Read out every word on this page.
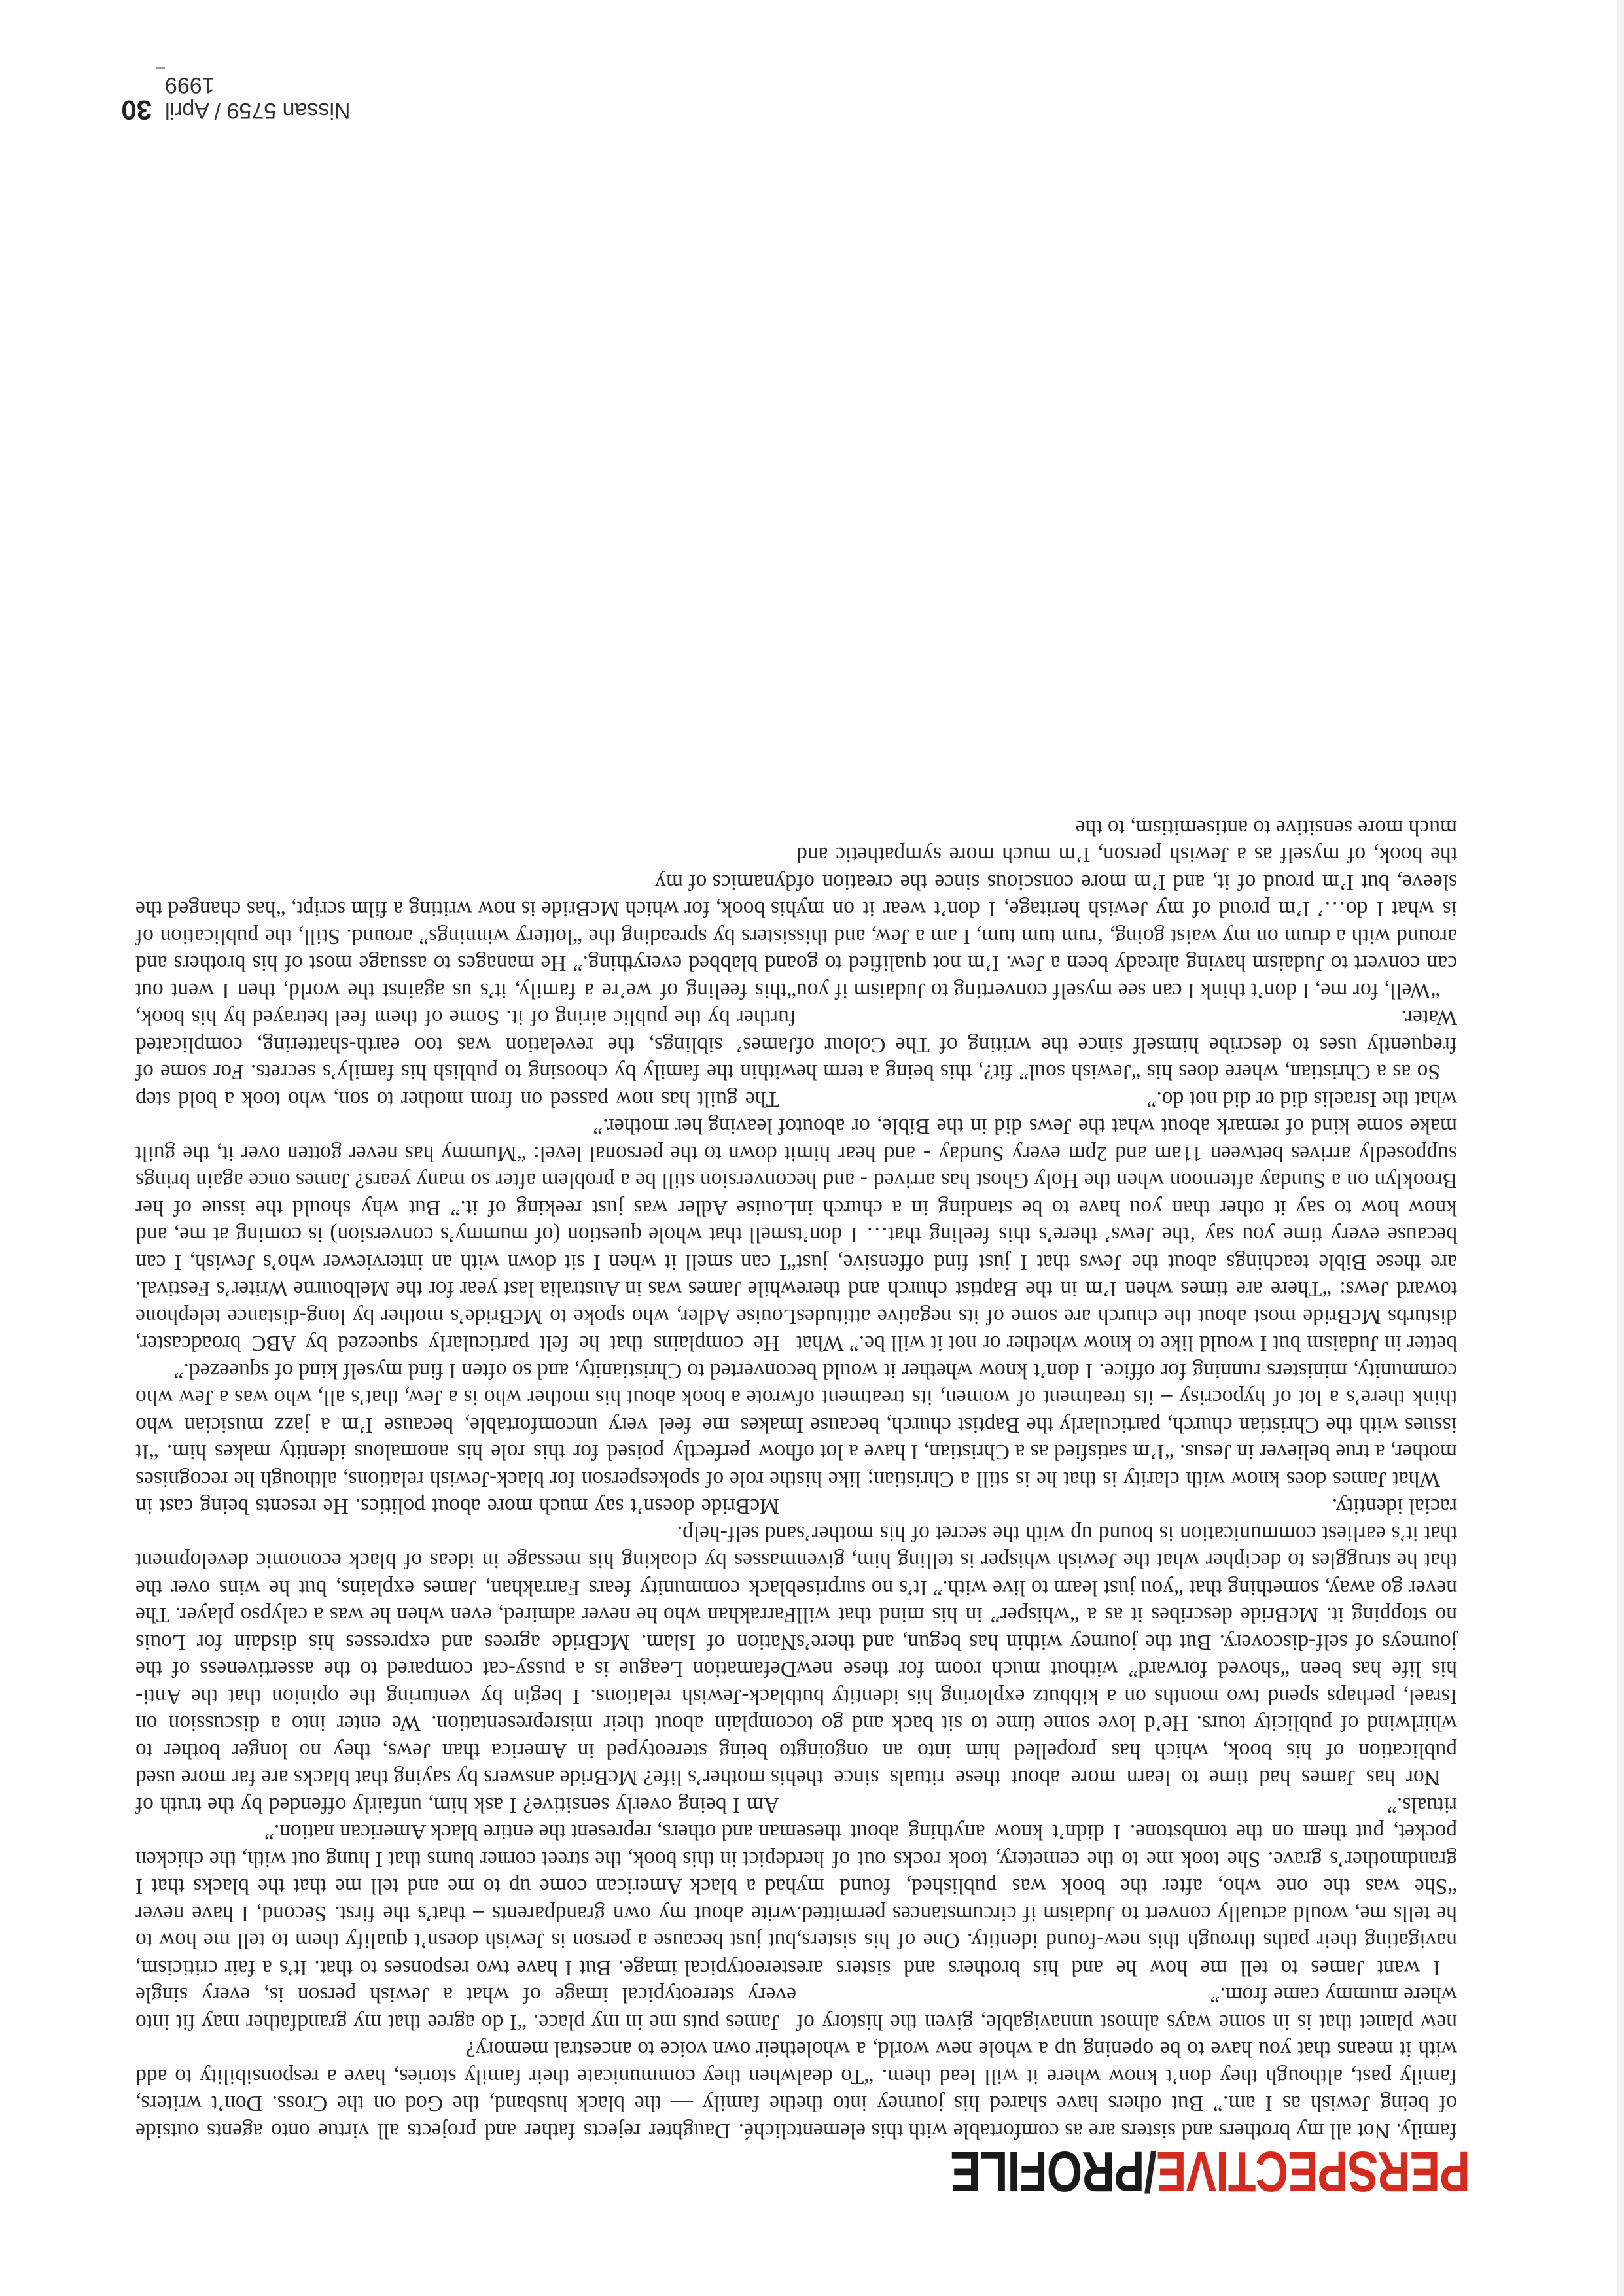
30 Nissan 5759 / April 1999
PERSPECTIVE/PROFILE

cliché. Daughter rejects father and projects all virtue onto agents outside the family — the black husband, the God on the Cross. Don’t writers, when they communicate their family stories, have a responsibility to add their own voice to ancestral memory?

James puts me in my place. “I do agree that my grandfather may fit into every stereotypical image of what a Jewish person is, every single stereotypical image. But I have two responses to that. It’s a fair criticism, but just because a person is Jewish doesn’t qualify them to tell me how to write about my own grandparents – that’s the first. Second, I have never had a black American come up to me and tell me that the blacks that I depict in this book, the street corner bums that I hung out with, the chicken man and others, represent the entire black American nation.”

Am I being overly sensitive? I ask him, unfairly offended by the truth of his mother’s life? McBride answers by saying that blacks are far more used to being stereotyped in America than Jews, they no longer bother to complain about their misrepresentation. We enter into a discussion on black-Jewish relations. I begin by venturing the opinion that the Anti-Defamation League is a pussy-cat compared to the assertiveness of the Nation of Islam. McBride agrees and expresses his disdain for Louis Farrakhan who he never admired, even when he was a calypso player. The black community fears Farrakhan, James explains, but he wins over the masses by cloaking his message in ideas of black economic development and self-help.

McBride doesn’t say much more about politics. He resents being cast in the role of spokesperson for black-Jewish relations, although he recognises how perfectly poised for this role his anomalous identity makes him. “It makes me feel very uncomfortable, because I’m a jazz musician who wrote a book about his mother who is a Jew, that’s all, who was a Jew who converted to Christianity, and so often I find myself kind of squeezed.”

He complains that he felt particularly squeezed by ABC broadcaster, Louise Adler, who spoke to McBride’s mother by long-distance telephone while James was in Australia last year for the Melbourne Writer’s Festival. “I can smell it when I sit down with an interviewer who’s Jewish, I can smell that whole question (of mummy’s conversion) is coming at me, and Louise Adler was just reeking of it.” But why should the issue of her conversion still be a problem after so many years? James once again brings it down to the personal level: “Mummy has never gotten over it, the guilt of leaving her mother.”

The guilt has now passed on from mother to son, who took a bold step within the family by choosing to publish his family’s secrets. For some of James’ siblings, the revelation was too earth-shattering, complicated further by the public airing of it. Some of them feel betrayed by his book, “this feeling of we’re a family, it’s us against the world, then I went out and blabbed everything.” He manages to assuage most of his brothers and sisters by spreading the “lottery winnings” around. Still, the publication of his book, for which McBride is now writing a film script, “has changed the dynamics of my

family. Not all my brothers and sisters are as comfortable with this element of being Jewish as I am.” But others have shared his journey into the family past, although they don’t know where it will lead them. “To deal with it means that you have to be opening up a whole new world, a whole new planet that is in some ways almost unnavigable, given the history of where mummy came from.”

I want James to tell me how he and his brothers and sisters are navigating their paths through this new-found identity. One of his sisters, he tells me, would actually convert to Judaism if circumstances permitted. “She was the one who, after the book was published, found my grandmother’s grave. She took me to the cemetery, took rocks out of her pocket, put them on the tombstone. I didn’t know anything about these rituals.”

Nor has James had time to learn more about these rituals since the publication of his book, which has propelled him into an ongoing whirlwind of publicity tours. He’d love some time to sit back and go to Israel, perhaps spend two months on a kibbutz exploring his identity but his life has been “shoved forward” without much room for these new journeys of self-discovery. But the journey within has begun, and there’s no stopping it. McBride describes it as a “whisper” in his mind that will never go away, something that “you just learn to live with.” It’s no surprise that he struggles to decipher what the Jewish whisper is telling him, given that it’s earliest communication is bound up with the secret of his mother’s racial identity.

What James does know with clarity is that he is still a Christian; like his mother, a true believer in Jesus. “I’m satisfied as a Christian, I have a lot of issues with the Christian church, particularly the Baptist church, because I think there’s a lot of hypocrisy – its treatment of women, its treatment of community, ministers running for office. I don’t know whether it would be better in Judaism but I would like to know whether or not it will be.” What disturbs McBride most about the church are some of its negative attitudes toward Jews: “There are times when I’m in the Baptist church and there are these Bible teachings about the Jews that I just find offensive, just because every time you say ‘the Jews’ there’s this feeling that… I don’t know how to say it other than you have to be standing in a church in Brooklyn on a Sunday afternoon when the Holy Ghost has arrived - and he supposedly arrives between 11am and 2pm every Sunday - and hear him make some kind of remark about what the Jews did in the Bible, or about what the Israelis did or did not do.”

So as a Christian, where does his “Jewish soul” fit?, this being a term he frequently uses to describe himself since the writing of The Colour of Water.

“Well, for me, I don’t think I can see myself converting to Judaism if you can convert to Judaism having already been a Jew. I’m not qualified to go around with a drum on my waist going, ‘rum tum tum, I am a Jew, and this is what I do…’ I’m proud of my Jewish heritage, I don’t wear it on my sleeve, but I’m proud of it, and I’m more conscious since the creation of the book, of myself as a Jewish person, I’m much more sympathetic and much more sensitive to antisemitism, to the
